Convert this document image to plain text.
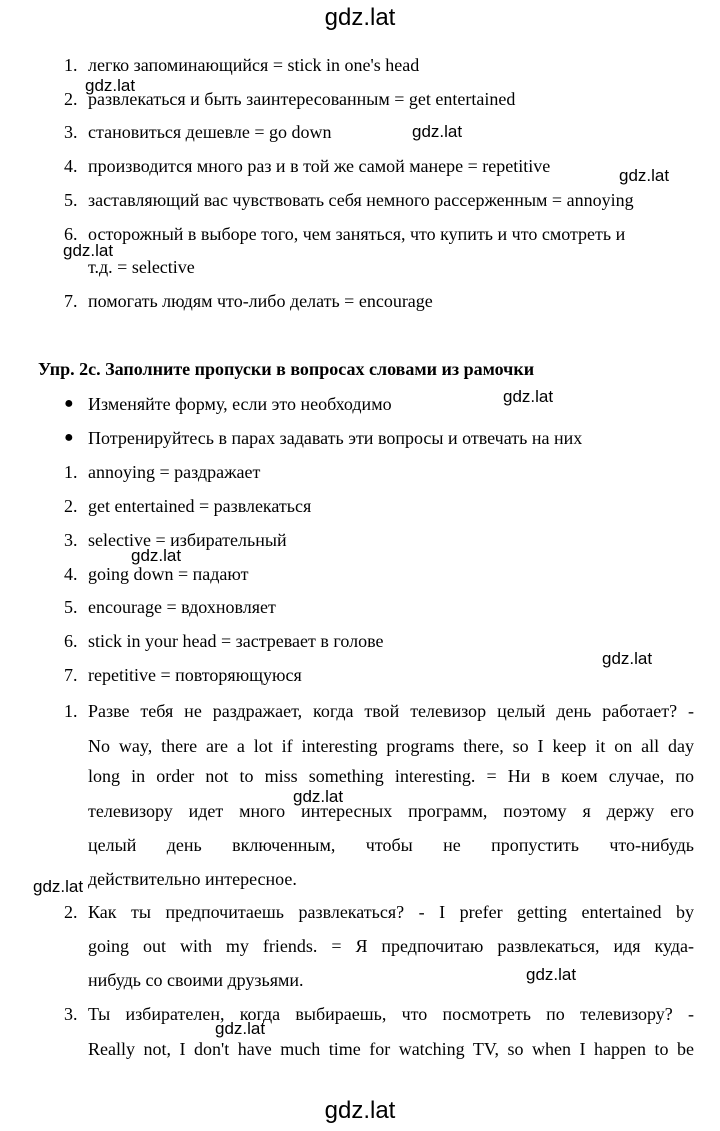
gdz.lat
1. легко запоминающийся = stick in one's head
2. развлекаться и быть заинтересованным = get entertained
3. становиться дешевле = go down
4. производится много раз и в той же самой манере = repetitive
5. заставляющий вас чувствовать себя немного рассерженным = annoying
6. осторожный в выборе того, чем заняться, что купить и что смотреть и
т.д. = selective
7. помогать людям что-либо делать = encourage
Упр. 2с. Заполните пропуски в вопросах словами из рамочки
● Изменяйте форму, если это необходимо
● Потренируйтесь в парах задавать эти вопросы и отвечать на них
1. annoying = раздражает
2. get entertained = развлекаться
3. selective = избирательный
4. going down = падают
5. encourage = вдохновляет
6. stick in your head = застревает в голове
7. repetitive = повторяющуюся
1. Разве тебя не раздражает, когда твой телевизор целый день работает? -
No way, there are a lot if interesting programs there, so I keep it on all day
long in order not to miss something interesting. = Ни в коем случае, по
телевизору идет много интересных программ, поэтому я держу его
целый день включенным, чтобы не пропустить что-нибудь
действительно интересное.
2. Как ты предпочитаешь развлекаться? - I prefer getting entertained by
going out with my friends. = Я предпочитаю развлекаться, идя куда-
нибудь со своими друзьями.
3. Ты избирателен, когда выбираешь, что посмотреть по телевизору? -
Really not, I don't have much time for watching TV, so when I happen to be
gdz.lat
gdz.lat
gdz.lat
gdz.lat
gdz.lat
gdz.lat
gdz.lat
gdz.lat
gdz.lat
gdz.lat
gdz.lat
gdz.lat
